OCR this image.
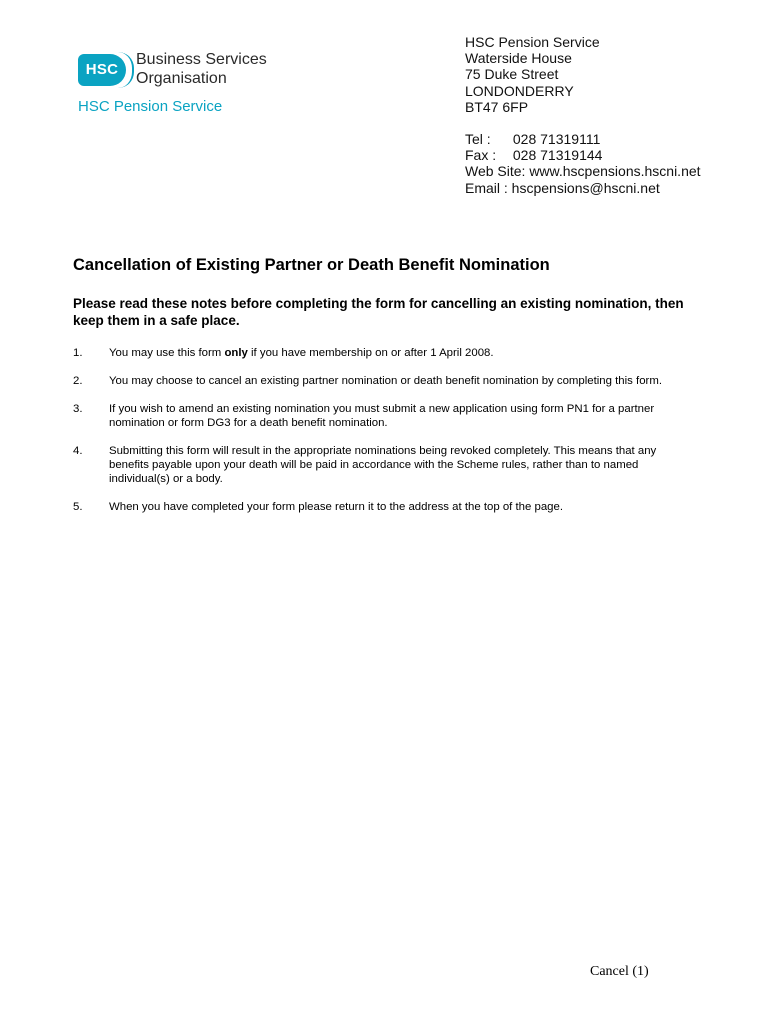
HSC
Business Services
Organisation
HSC Pension Service
HSC Pension Service
Waterside House
75 Duke Street
LONDONDERRY
BT47 6FP
Tel : 028 71319111
Fax : 028 71319144
Web Site: www.hscpensions.hscni.net
Email : hscpensions@hscni.net
Cancellation of Existing Partner or Death Benefit Nomination
Please read these notes before completing the form for cancelling an existing nomination, then keep them in a safe place.
1.	You may use this form only if you have membership on or after 1 April 2008.
2.	You may choose to cancel an existing partner nomination or death benefit nomination by completing this form.
3.	If you wish to amend an existing nomination you must submit a new application using form PN1 for a partner nomination or form DG3 for a death benefit nomination.
4.	Submitting this form will result in the appropriate nominations being revoked completely. This means that any benefits payable upon your death will be paid in accordance with the Scheme rules, rather than to named individual(s) or a body.
5.	When you have completed your form please return it to the address at the top of the page.
Cancel (1)
